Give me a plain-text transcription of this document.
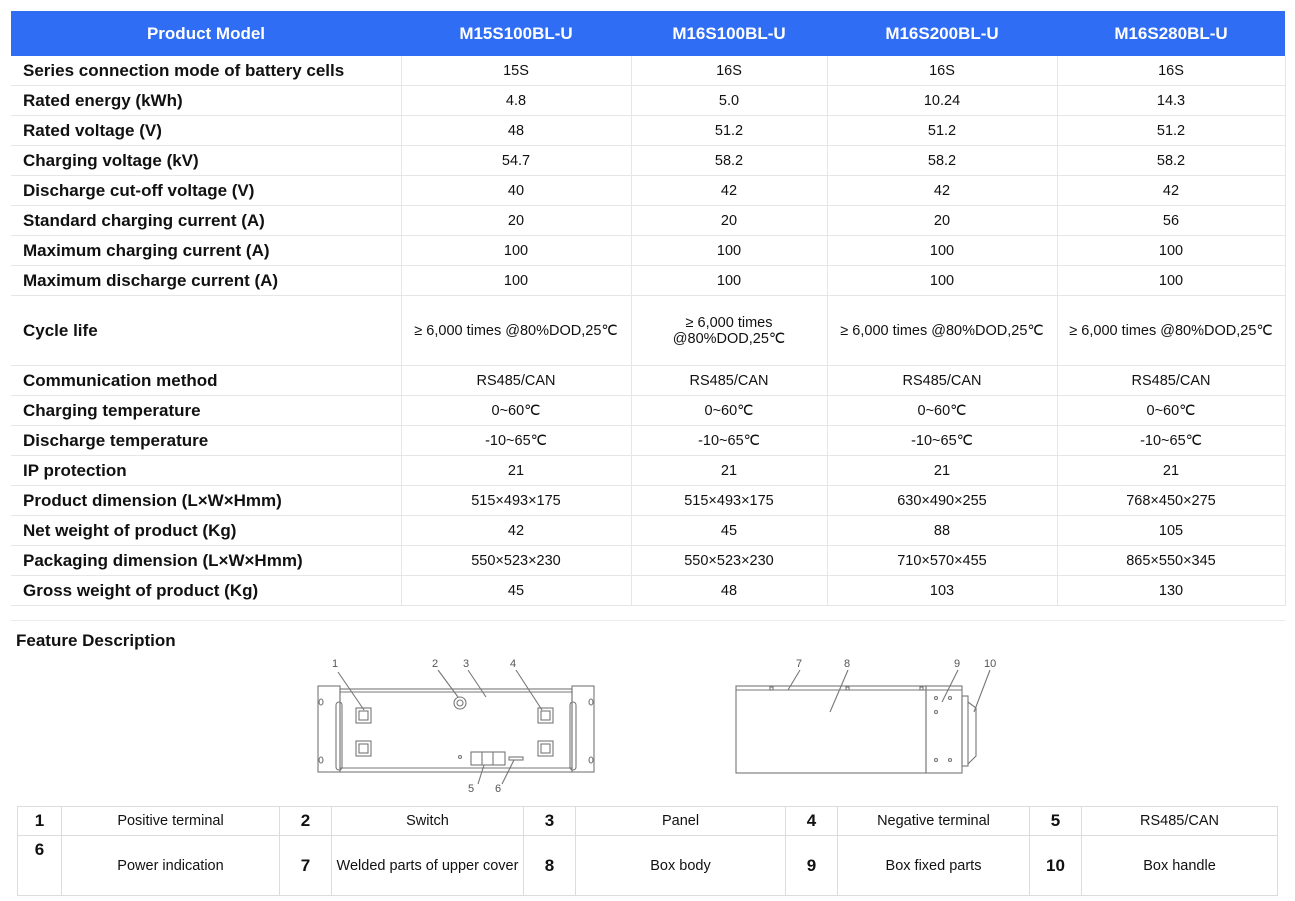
Product Model	M15S100BL-U	M16S100BL-U	M16S200BL-U	M16S280BL-U
Series connection mode of battery cells	15S	16S	16S	16S
Rated energy (kWh)	4.8	5.0	10.24	14.3
Rated voltage (V)	48	51.2	51.2	51.2
Charging voltage (kV)	54.7	58.2	58.2	58.2
Discharge cut-off voltage (V)	40	42	42	42
Standard charging current (A)	20	20	20	56
Maximum charging current (A)	100	100	100	100
Maximum discharge current (A)	100	100	100	100
Cycle life	≥ 6,000 times @80%DOD,25℃	≥ 6,000 times @80%DOD,25℃	≥ 6,000 times @80%DOD,25℃	≥ 6,000 times @80%DOD,25℃
Communication method	RS485/CAN	RS485/CAN	RS485/CAN	RS485/CAN
Charging temperature	0~60℃	0~60℃	0~60℃	0~60℃
Discharge temperature	-10~65℃	-10~65℃	-10~65℃	-10~65℃
IP protection	21	21	21	21
Product dimension (L×W×Hmm)	515×493×175	515×493×175	630×490×255	768×450×275
Net weight of product (Kg)	42	45	88	105
Packaging dimension (L×W×Hmm)	550×523×230	550×523×230	710×570×455	865×550×345
Gross weight of product (Kg)	45	48	103	130
Feature Description
1	2 3	4
5 6
7	8	9 10
1	Positive terminal	2	Switch	3	Panel	4	Negative terminal	5	RS485/CAN
6	Power indication	7	Welded parts of upper cover	8	Box body	9	Box fixed parts	10	Box handle
